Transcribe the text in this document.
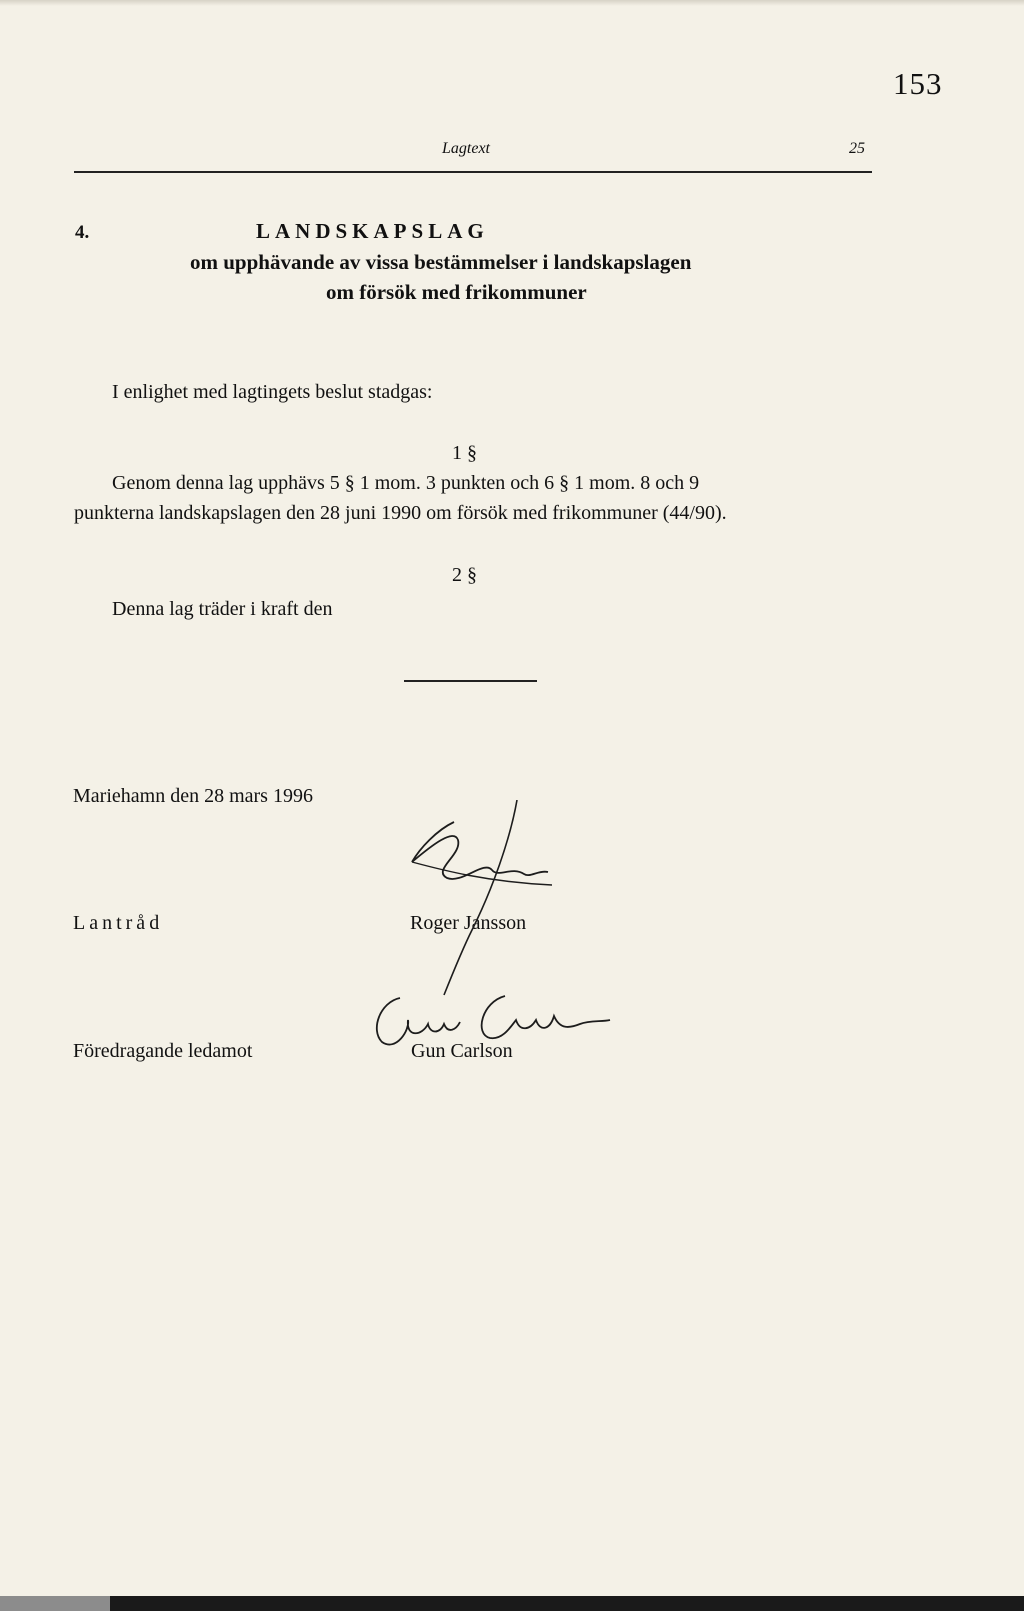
153
Lagtext	25
4.	LANDSKAPSLAG
om upphävande av vissa bestämmelser i landskapslagen
om försök med frikommuner
I enlighet med lagtingets beslut stadgas:
1 §
Genom denna lag upphävs 5 § 1 mom. 3 punkten och 6 § 1 mom. 8 och 9
punkterna landskapslagen den 28 juni 1990 om försök med frikommuner (44/90).
2 §
Denna lag träder i kraft den
Mariehamn den 28 mars 1996
Lantråd	Roger Jansson
Föredragande ledamot	Gun Carlson
